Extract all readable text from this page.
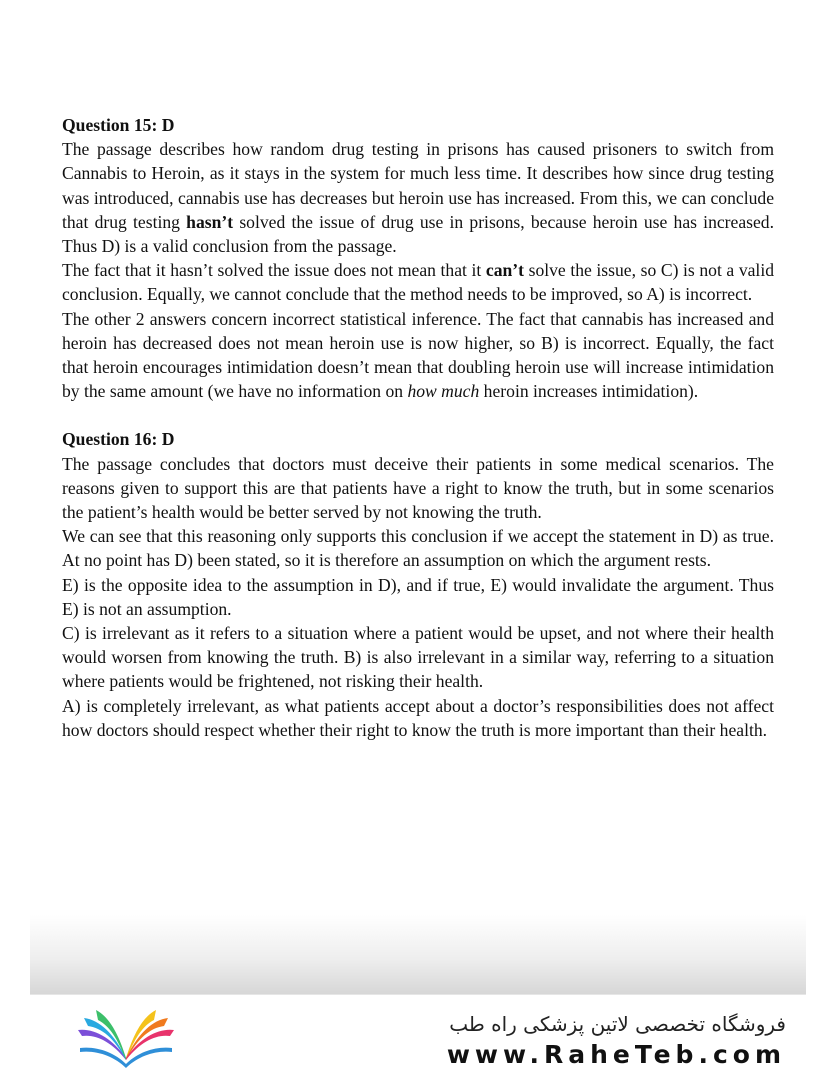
Question 15: D

The passage describes how random drug testing in prisons has caused prisoners to switch from Cannabis to Heroin, as it stays in the system for much less time. It describes how since drug testing was introduced, cannabis use has decreases but heroin use has increased. From this, we can conclude that drug testing hasn’t solved the issue of drug use in prisons, because heroin use has increased. Thus D) is a valid conclusion from the passage.

The fact that it hasn’t solved the issue does not mean that it can’t solve the issue, so C) is not a valid conclusion. Equally, we cannot conclude that the method needs to be improved, so A) is incorrect.

The other 2 answers concern incorrect statistical inference. The fact that cannabis has increased and heroin has decreased does not mean heroin use is now higher, so B) is incorrect. Equally, the fact that heroin encourages intimidation doesn’t mean that doubling heroin use will increase intimidation by the same amount (we have no information on how much heroin increases intimidation).

Question 16: D

The passage concludes that doctors must deceive their patients in some medical scenarios. The reasons given to support this are that patients have a right to know the truth, but in some scenarios the patient’s health would be better served by not knowing the truth.

We can see that this reasoning only supports this conclusion if we accept the statement in D) as true. At no point has D) been stated, so it is therefore an assumption on which the argument rests.

E) is the opposite idea to the assumption in D), and if true, E) would invalidate the argument. Thus E) is not an assumption.

C) is irrelevant as it refers to a situation where a patient would be upset, and not where their health would worsen from knowing the truth. B) is also irrelevant in a similar way, referring to a situation where patients would be frightened, not risking their health.

A) is completely irrelevant, as what patients accept about a doctor’s responsibilities does not affect how doctors should respect whether their right to know the truth is more important than their health.

فروشگاه تخصصی لاتین پزشکی راه طب
www.RaheTeb.com
